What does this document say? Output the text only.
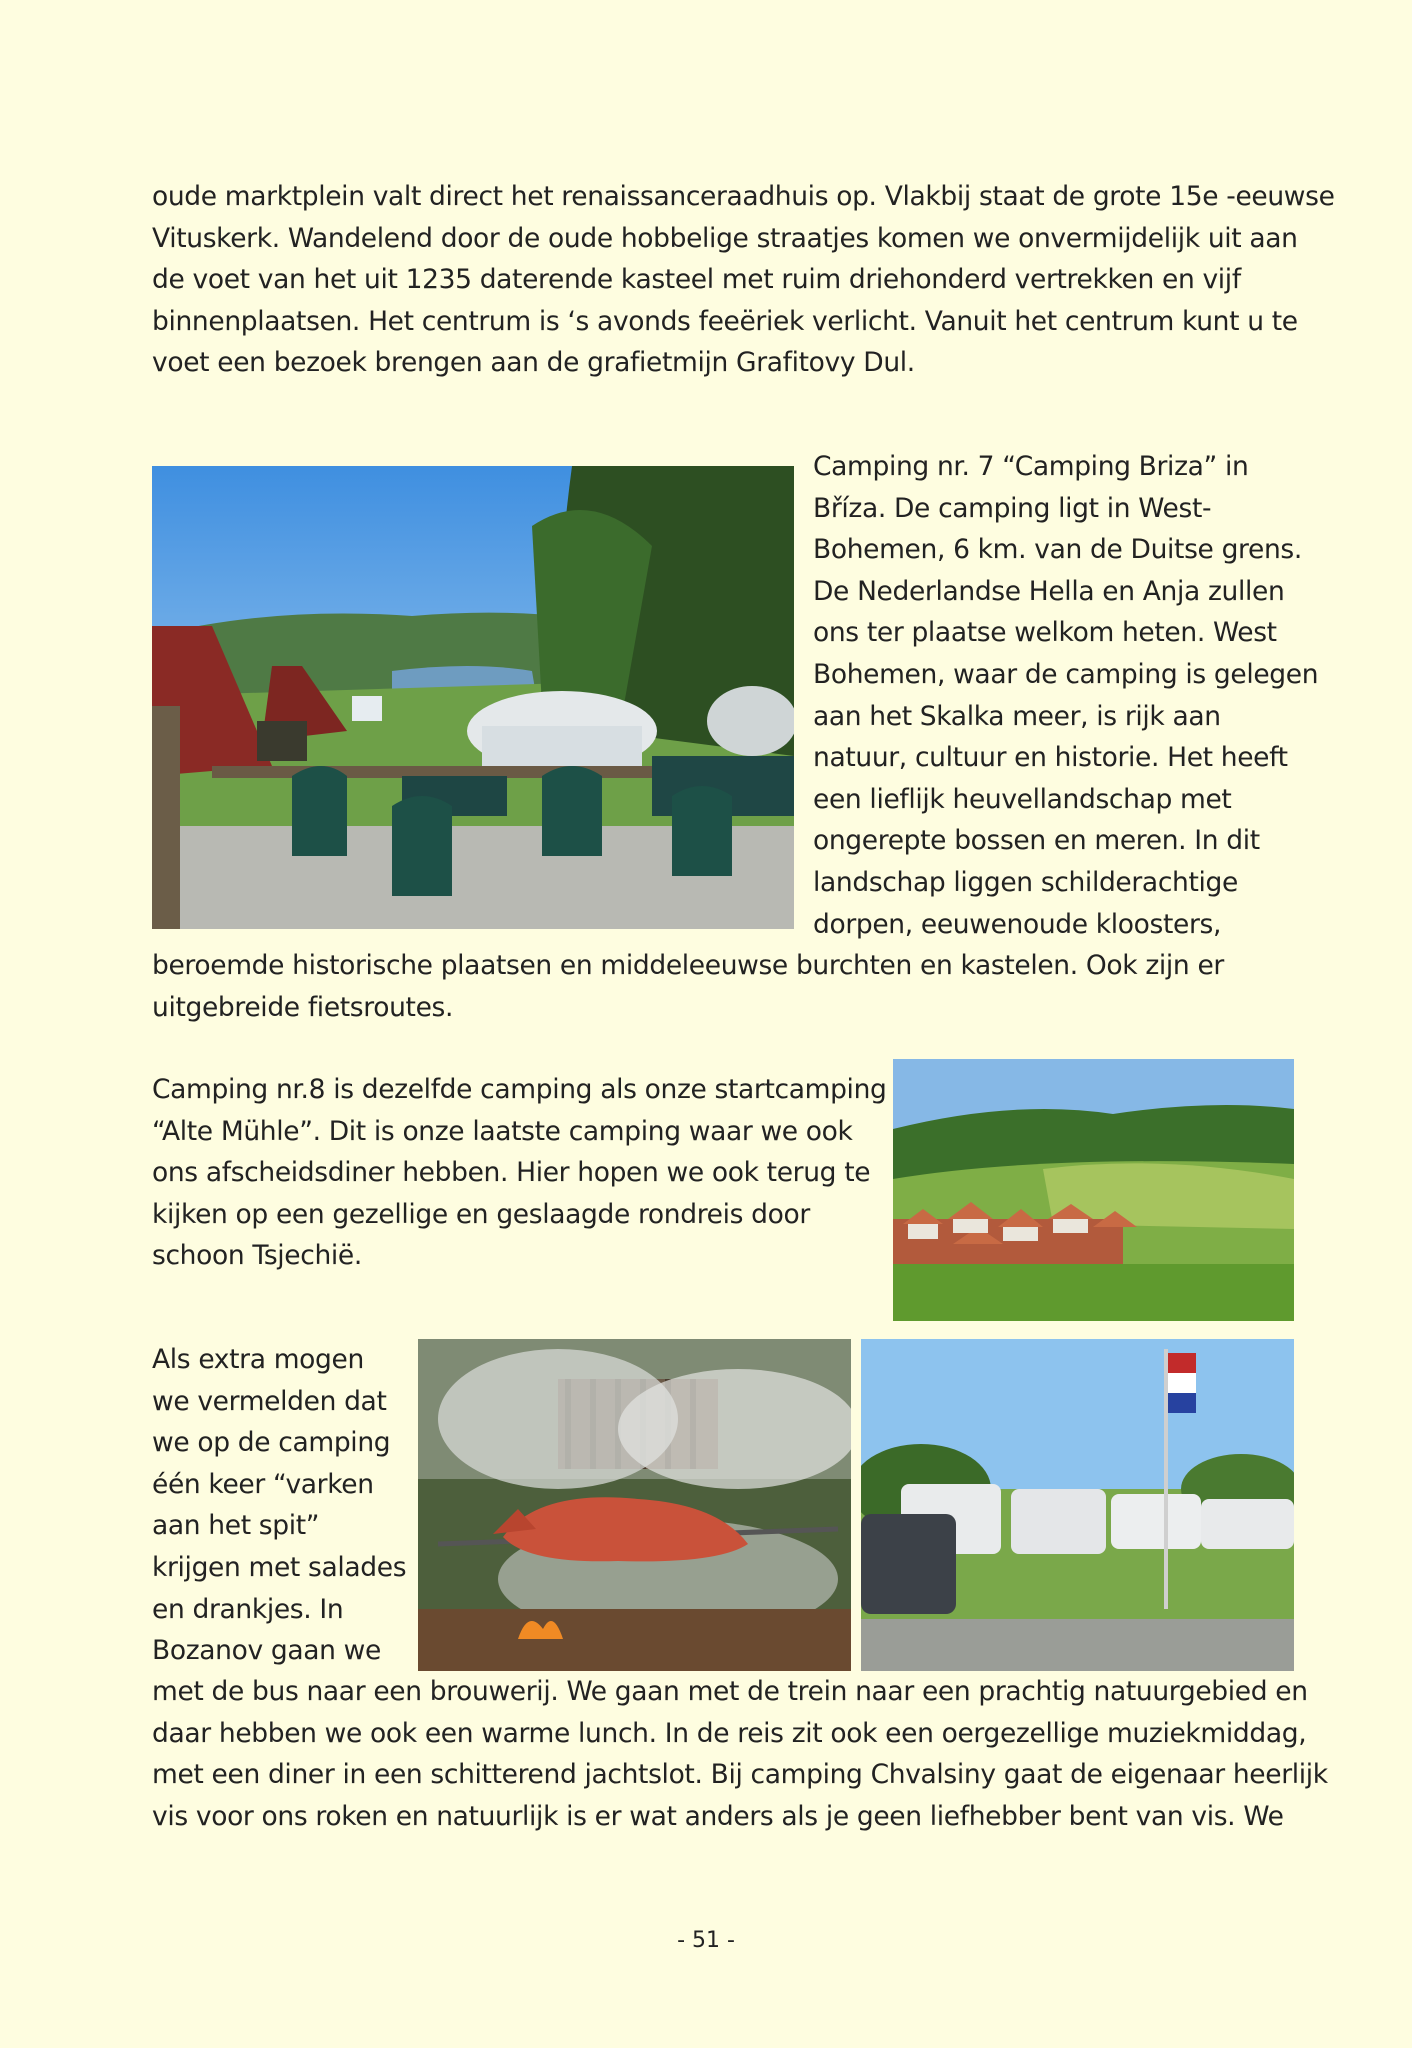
oude marktplein valt direct het renaissanceraadhuis op. Vlakbij staat de grote 15e -eeuwse
Vituskerk. Wandelend door de oude hobbelige straatjes komen we onvermijdelijk uit aan
de voet van het uit 1235 daterende kasteel met ruim driehonderd vertrekken en vijf
binnenplaatsen. Het centrum is ‘s avonds feeëriek verlicht. Vanuit het centrum kunt u te
voet een bezoek brengen aan de grafietmijn Grafitovy Dul.
Camping nr. 7 “Camping Briza” in
Bříza. De camping ligt in West-
Bohemen, 6 km. van de Duitse grens.
De Nederlandse Hella en Anja zullen
ons ter plaatse welkom heten. West
Bohemen, waar de camping is gelegen
aan het Skalka meer, is rijk aan
natuur, cultuur en historie. Het heeft
een lieflijk heuvellandschap met
ongerepte bossen en meren. In dit
landschap liggen schilderachtige
dorpen, eeuwenoude kloosters,
beroemde historische plaatsen en middeleeuwse burchten en kastelen. Ook zijn er
uitgebreide fietsroutes.
Camping nr.8 is dezelfde camping als onze startcamping
“Alte Mühle”. Dit is onze laatste camping waar we ook
ons afscheidsdiner hebben. Hier hopen we ook terug te
kijken op een gezellige en geslaagde rondreis door
schoon Tsjechië.
Als extra mogen
we vermelden dat
we op de camping
één keer “varken
aan het spit”
krijgen met salades
en drankjes. In
Bozanov gaan we
met de bus naar een brouwerij. We gaan met de trein naar een prachtig natuurgebied en
daar hebben we ook een warme lunch. In de reis zit ook een oergezellige muziekmiddag,
met een diner in een schitterend jachtslot. Bij camping Chvalsiny gaat de eigenaar heerlijk
vis voor ons roken en natuurlijk is er wat anders als je geen liefhebber bent van vis. We
- 51 -
